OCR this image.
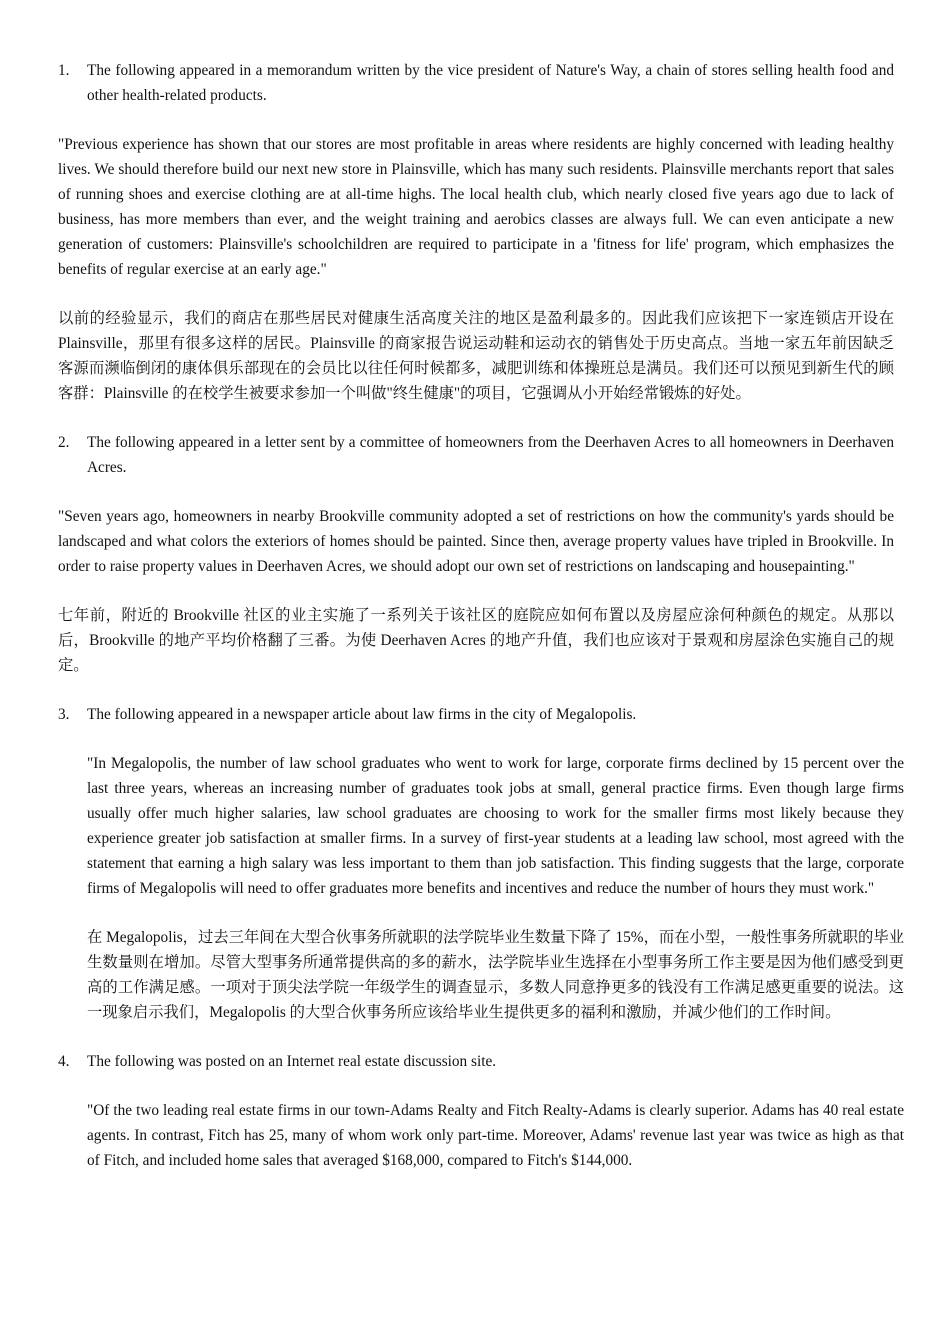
1. The following appeared in a memorandum written by the vice president of Nature's Way, a chain of stores selling health food and other health-related products.
"Previous experience has shown that our stores are most profitable in areas where residents are highly concerned with leading healthy lives. We should therefore build our next new store in Plainsville, which has many such residents. Plainsville merchants report that sales of running shoes and exercise clothing are at all-time highs. The local health club, which nearly closed five years ago due to lack of business, has more members than ever, and the weight training and aerobics classes are always full. We can even anticipate a new generation of customers: Plainsville's schoolchildren are required to participate in a 'fitness for life' program, which emphasizes the benefits of regular exercise at an early age."
以前的经验显示，我们的商店在那些居民对健康生活高度关注的地区是盈利最多的。因此我们应该把下一家连锁店开设在 Plainsville，那里有很多这样的居民。Plainsville 的商家报告说运动鞋和运动衣的销售处于历史高点。当地一家五年前因缺乏客源而濒临倒闭的康体俱乐部现在的会员比以往任何时候都多，减肥训练和体操班总是满员。我们还可以预见到新生代的顾客群：Plainsville 的在校学生被要求参加一个叫做"终生健康"的项目，它强调从小开始经常锻炼的好处。
2. The following appeared in a letter sent by a committee of homeowners from the Deerhaven Acres to all homeowners in Deerhaven Acres.
"Seven years ago, homeowners in nearby Brookville community adopted a set of restrictions on how the community's yards should be landscaped and what colors the exteriors of homes should be painted. Since then, average property values have tripled in Brookville. In order to raise property values in Deerhaven Acres, we should adopt our own set of restrictions on landscaping and housepainting."
七年前，附近的 Brookville 社区的业主实施了一系列关于该社区的庭院应如何布置以及房屋应涂何种颜色的规定。从那以后，Brookville 的地产平均价格翻了三番。为使 Deerhaven Acres 的地产升值，我们也应该对于景观和房屋涂色实施自己的规定。
3. The following appeared in a newspaper article about law firms in the city of Megalopolis.
"In Megalopolis, the number of law school graduates who went to work for large, corporate firms declined by 15 percent over the last three years, whereas an increasing number of graduates took jobs at small, general practice firms. Even though large firms usually offer much higher salaries, law school graduates are choosing to work for the smaller firms most likely because they experience greater job satisfaction at smaller firms. In a survey of first-year students at a leading law school, most agreed with the statement that earning a high salary was less important to them than job satisfaction. This finding suggests that the large, corporate firms of Megalopolis will need to offer graduates more benefits and incentives and reduce the number of hours they must work."
在 Megalopolis，过去三年间在大型合伙事务所就职的法学院毕业生数量下降了 15%，而在小型，一般性事务所就职的毕业生数量则在增加。尽管大型事务所通常提供高的多的薪水，法学院毕业生选择在小型事务所工作主要是因为他们感受到更高的工作满足感。一项对于顶尖法学院一年级学生的调查显示，多数人同意挣更多的钱没有工作满足感更重要的说法。这一现象启示我们，Megalopolis 的大型合伙事务所应该给毕业生提供更多的福利和激励，并减少他们的工作时间。
4. The following was posted on an Internet real estate discussion site.
"Of the two leading real estate firms in our town-Adams Realty and Fitch Realty-Adams is clearly superior. Adams has 40 real estate agents. In contrast, Fitch has 25, many of whom work only part-time. Moreover, Adams' revenue last year was twice as high as that of Fitch, and included home sales that averaged $168,000, compared to Fitch's $144,000.
